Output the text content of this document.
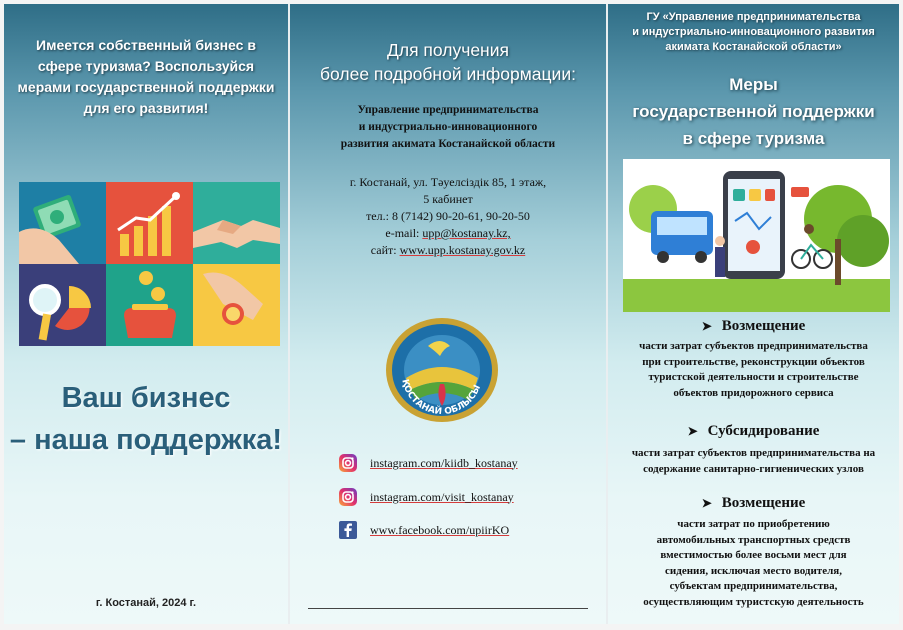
Имеется собственный бизнес в сфере туризма? Воспользуйся мерами государственной поддержки для его развития!
Ваш бизнес
– наша поддержка!
г. Костанай, 2024 г.
Для получения
более подробной информации:
Управление предпринимательства
и индустриально-инновационного
развития акимата Костанайской области
г. Костанай, ул. Тәуелсіздік 85, 1 этаж,
5 кабинет
тел.: 8 (7142) 90-20-61, 90-20-50
e-mail: upp@kostanay.kz,
сайт: www.upp.kostanay.gov.kz
ҚОСТАНАЙ ОБЛЫСЫ
instagram.com/kiidb_kostanay
instagram.com/visit_kostanay
www.facebook.com/upiirKO
ГУ «Управление предпринимательства
и индустриально-инновационного развития
акимата Костанайской области»
Меры
государственной поддержки
в сфере туризма
➤ Возмещение
части затрат субъектов предпринимательства
при строительстве, реконструкции объектов
туристской деятельности и строительстве
объектов придорожного сервиса
➤ Субсидирование
части затрат субъектов предпринимательства на
содержание санитарно-гигиенических узлов
➤ Возмещение
части затрат по приобретению
автомобильных транспортных средств
вместимостью более восьми мест для
сидения, исключая место водителя,
субъектам предпринимательства,
осуществляющим туристскую деятельность
